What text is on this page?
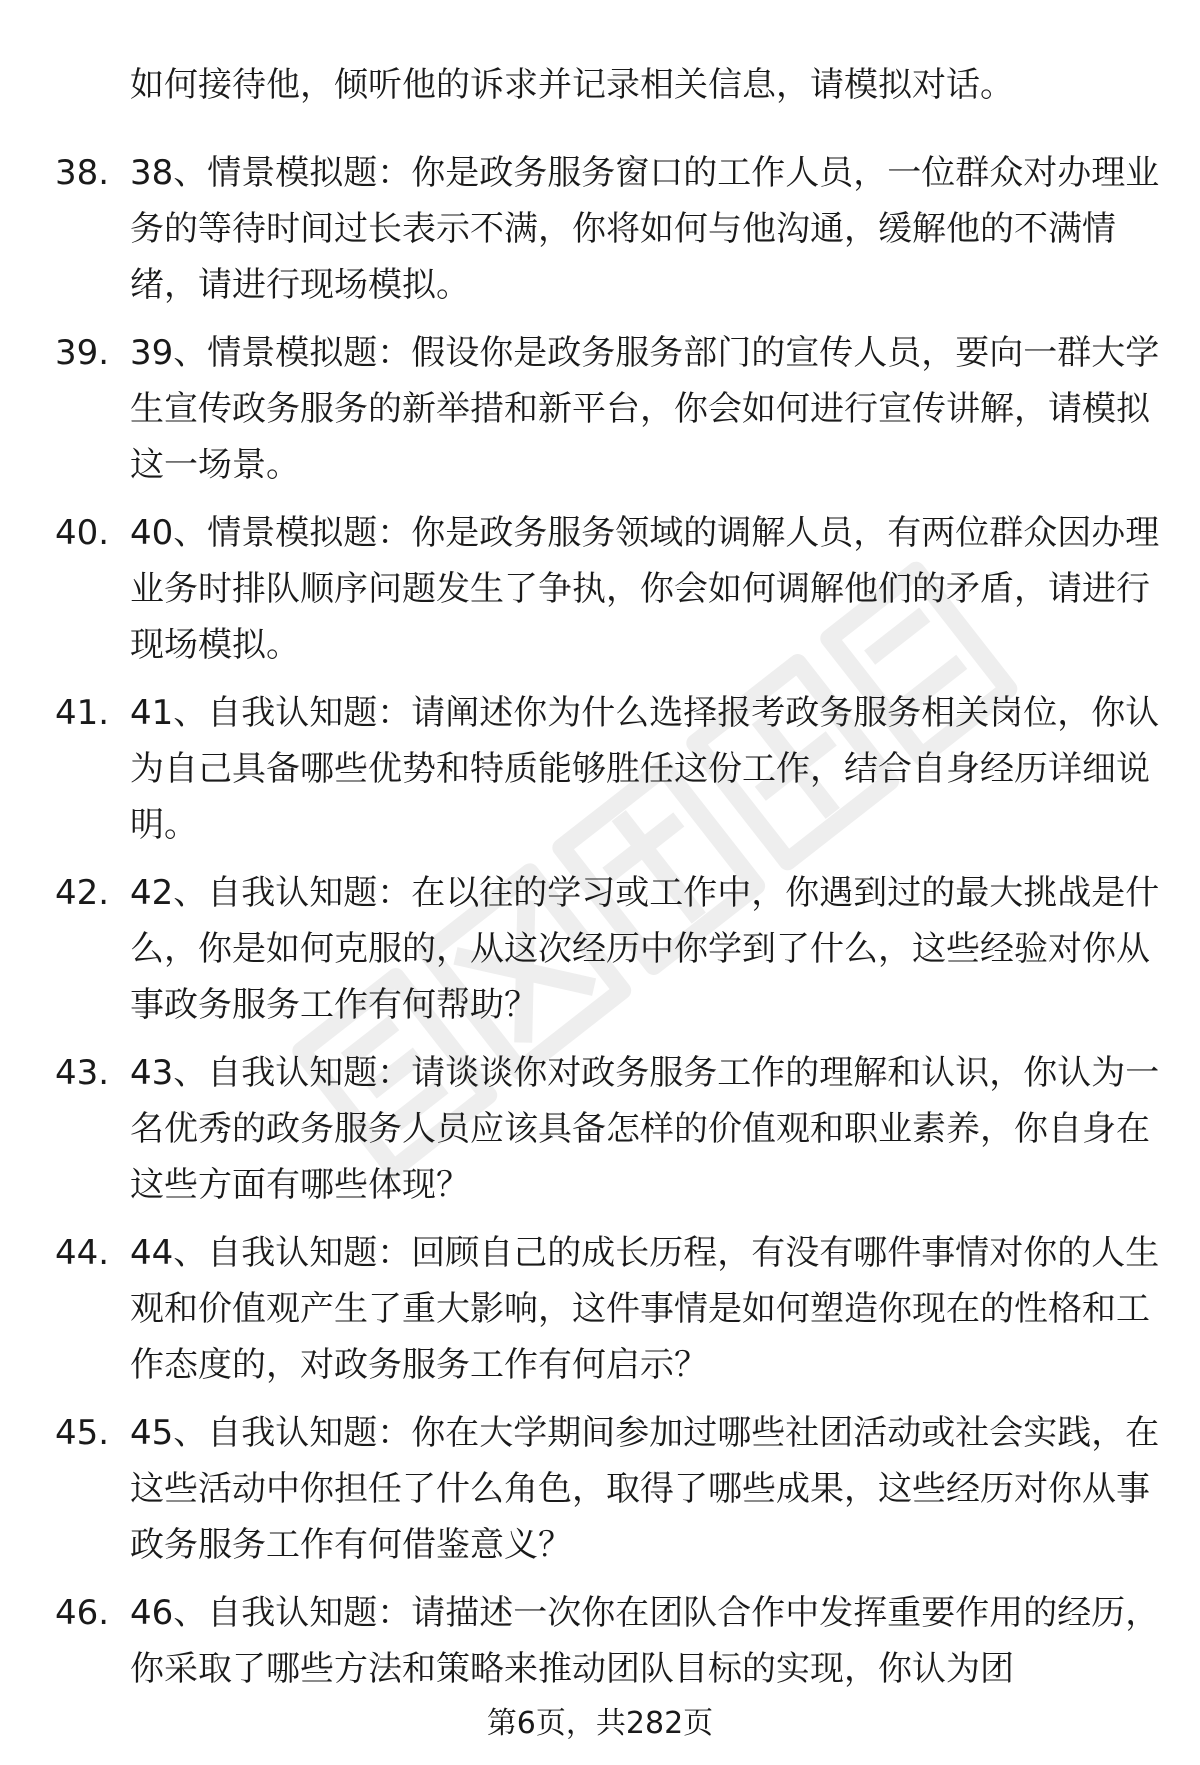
如何接待他，倾听他的诉求并记录相关信息，请模拟对话。
38. 38、情景模拟题：你是政务服务窗口的工作人员，一位群众对办理业务的等待时间过长表示不满，你将如何与他沟通，缓解他的不满情绪，请进行现场模拟。

39. 39、情景模拟题：假设你是政务服务部门的宣传人员，要向一群大学生宣传政务服务的新举措和新平台，你会如何进行宣传讲解，请模拟这一场景。

40. 40、情景模拟题：你是政务服务领域的调解人员，有两位群众因办理业务时排队顺序问题发生了争执，你会如何调解他们的矛盾，请进行现场模拟。

41. 41、自我认知题：请阐述你为什么选择报考政务服务相关岗位，你认为自己具备哪些优势和特质能够胜任这份工作，结合自身经历详细说明。

42. 42、自我认知题：在以往的学习或工作中，你遇到过的最大挑战是什么，你是如何克服的，从这次经历中你学到了什么，这些经验对你从事政务服务工作有何帮助？

43. 43、自我认知题：请谈谈你对政务服务工作的理解和认识，你认为一名优秀的政务服务人员应该具备怎样的价值观和职业素养，你自身在这些方面有哪些体现？

44. 44、自我认知题：回顾自己的成长历程，有没有哪件事情对你的人生观和价值观产生了重大影响，这件事情是如何塑造你现在的性格和工作态度的，对政务服务工作有何启示？

45. 45、自我认知题：你在大学期间参加过哪些社团活动或社会实践，在这些活动中你担任了什么角色，取得了哪些成果，这些经历对你从事政务服务工作有何借鉴意义？

46. 46、自我认知题：请描述一次你在团队合作中发挥重要作用的经历，你采取了哪些方法和策略来推动团队目标的实现，你认为团

第6页，共282页
